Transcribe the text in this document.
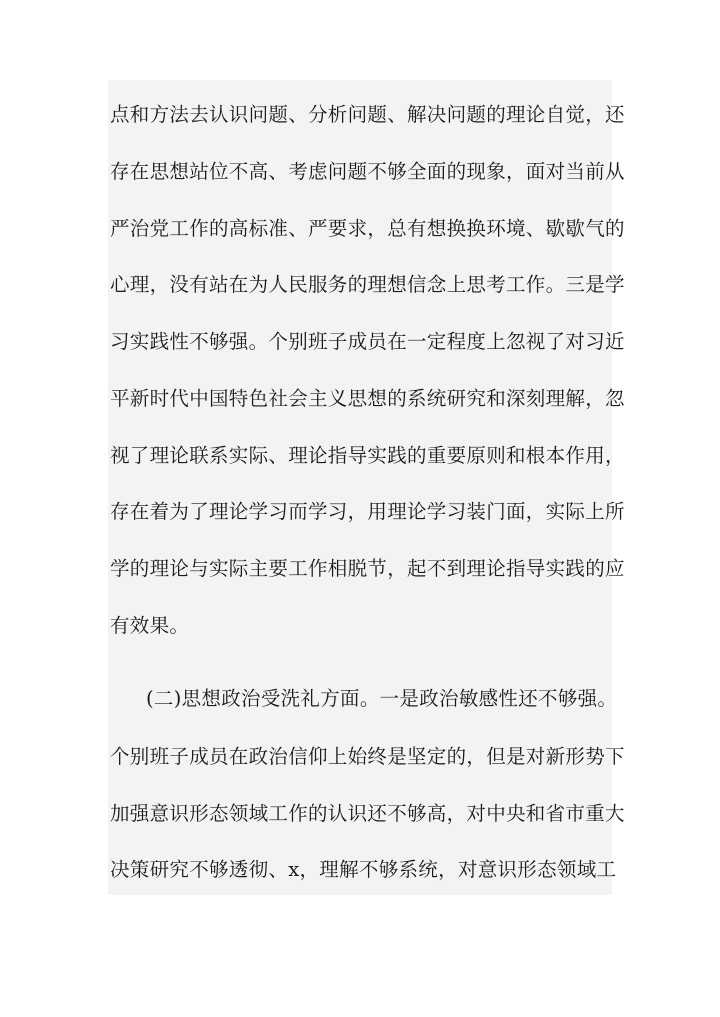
点和方法去认识问题、分析问题、解决问题的理论自觉，还
存在思想站位不高、考虑问题不够全面的现象，面对当前从
严治党工作的高标准、严要求，总有想换换环境、歇歇气的
心理，没有站在为人民服务的理想信念上思考工作。三是学
习实践性不够强。个别班子成员在一定程度上忽视了对习近
平新时代中国特色社会主义思想的系统研究和深刻理解，忽
视了理论联系实际、理论指导实践的重要原则和根本作用，
存在着为了理论学习而学习，用理论学习装门面，实际上所
学的理论与实际主要工作相脱节，起不到理论指导实践的应
有效果。
(二)思想政治受洗礼方面。一是政治敏感性还不够强。
个别班子成员在政治信仰上始终是坚定的，但是对新形势下
加强意识形态领域工作的认识还不够高，对中央和省市重大
决策研究不够透彻、x，理解不够系统，对意识形态领域工
